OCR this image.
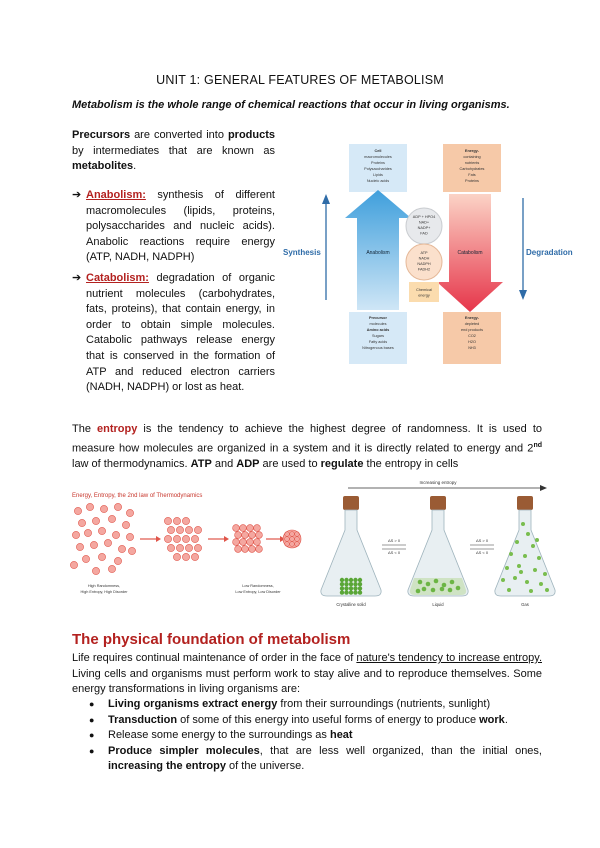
UNIT 1: GENERAL FEATURES OF METABOLISM
Metabolism is the whole range of chemical reactions that occur in living organisms.
Precursors are converted into products by intermediates that are known as metabolites.
➔ Anabolism: synthesis of different macromolecules (lipids, proteins, polysaccharides and nucleic acids). Anabolic reactions require energy (ATP, NADH, NADPH)
➔ Catabolism: degradation of organic nutrient molecules (carbohydrates, fats, proteins), that contain energy, in order to obtain simple molecules. Catabolic pathways release energy that is conserved in the formation of ATP and reduced electron carriers (NADH, NADPH) or lost as heat.
Synthesis	Degradation
Anabolism	Catabolism
Cell
macromolecules
Proteins
Polysaccharides
Lipids
Nucleic acids
Energy-
containing
nutrients
Carbohydrates
Fats
Proteins
Precursor
molecules
Amino acids
Sugars
Fatty acids
Nitrogenous bases
Energy-
depleted
end products
CO2
H2O
NH3
ADP + HPO4
NAD+
NADP+
FAD
ATP
NADH
NADPH
FADH2
Chemical
energy
The entropy is the tendency to achieve the highest degree of randomness. It is used to measure how molecules are organized in a system and it is directly related to energy and 2nd law of thermodynamics. ATP and ADP are used to regulate the entropy in cells
Energy, Entropy, the 2nd law of Thermodynamics
High Randomness,
High Entropy, High Disorder
Low Randomness,
Low Entropy, Low Disorder
Increasing entropy
ΔS > 0
ΔS < 0
ΔS > 0
ΔS < 0
Crystalline solid	Liquid	Gas
The physical foundation of metabolism
Life requires continual maintenance of order in the face of nature's tendency to increase entropy. Living cells and organisms must perform work to stay alive and to reproduce themselves. Some energy transformations in living organisms are:
● Living organisms extract energy from their surroundings (nutrients, sunlight)
● Transduction of some of this energy into useful forms of energy to produce work.
● Release some energy to the surroundings as heat
● Produce simpler molecules, that are less well organized, than the initial ones, increasing the entropy of the universe.
